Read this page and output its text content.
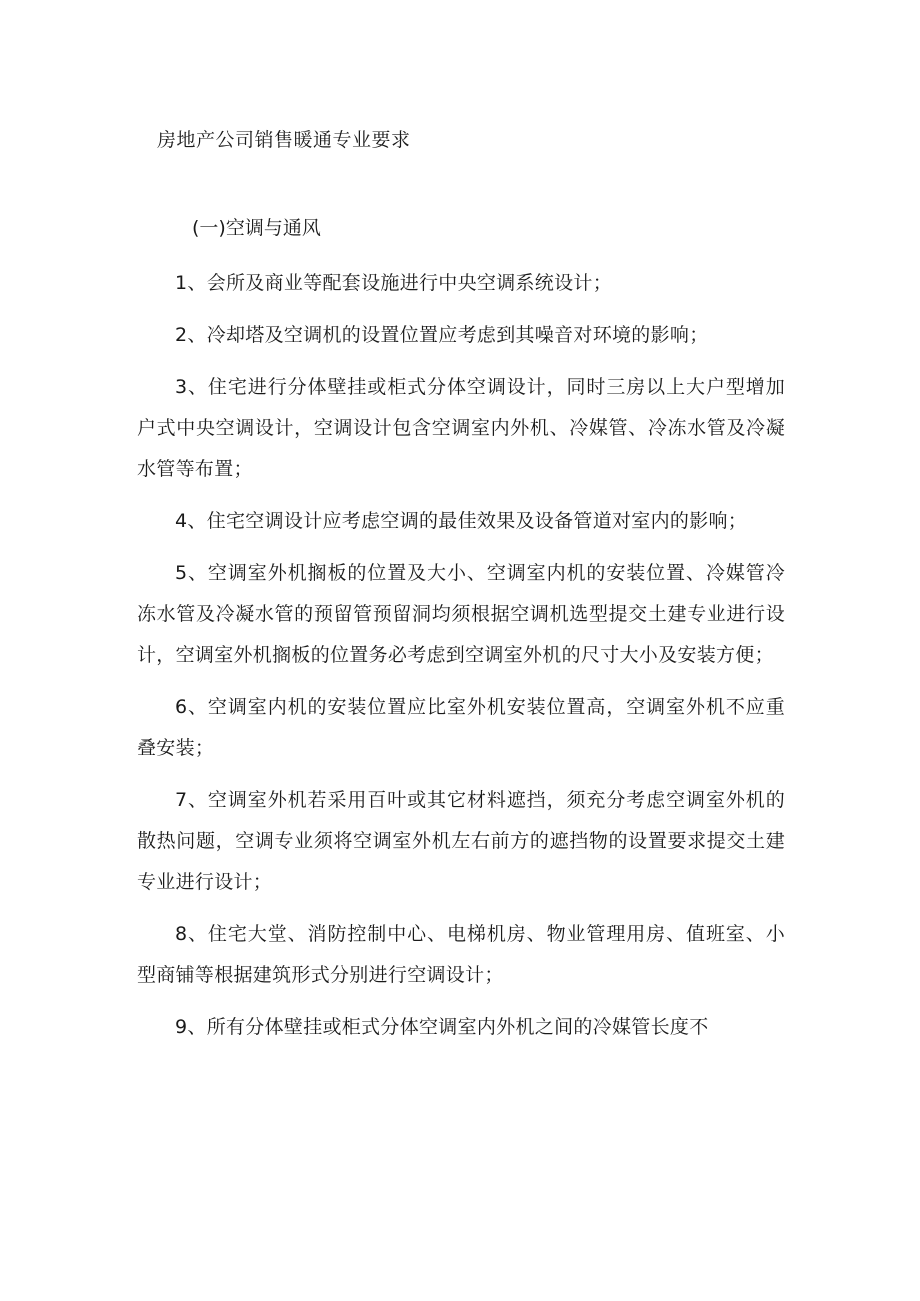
房地产公司销售暖通专业要求
(一)空调与通风

1、会所及商业等配套设施进行中央空调系统设计；

2、冷却塔及空调机的设置位置应考虑到其噪音对环境的影响；

3、住宅进行分体壁挂或柜式分体空调设计，同时三房以上大户型增加户式中央空调设计，空调设计包含空调室内外机、冷媒管、冷冻水管及冷凝水管等布置；

4、住宅空调设计应考虑空调的最佳效果及设备管道对室内的影响；

5、空调室外机搁板的位置及大小、空调室内机的安装位置、冷媒管冷冻水管及冷凝水管的预留管预留洞均须根据空调机选型提交土建专业进行设计，空调室外机搁板的位置务必考虑到空调室外机的尺寸大小及安装方便；

6、空调室内机的安装位置应比室外机安装位置高，空调室外机不应重叠安装；

7、空调室外机若采用百叶或其它材料遮挡，须充分考虑空调室外机的散热问题，空调专业须将空调室外机左右前方的遮挡物的设置要求提交土建专业进行设计；

8、住宅大堂、消防控制中心、电梯机房、物业管理用房、值班室、小型商铺等根据建筑形式分别进行空调设计；

9、所有分体壁挂或柜式分体空调室内外机之间的冷媒管长度不
